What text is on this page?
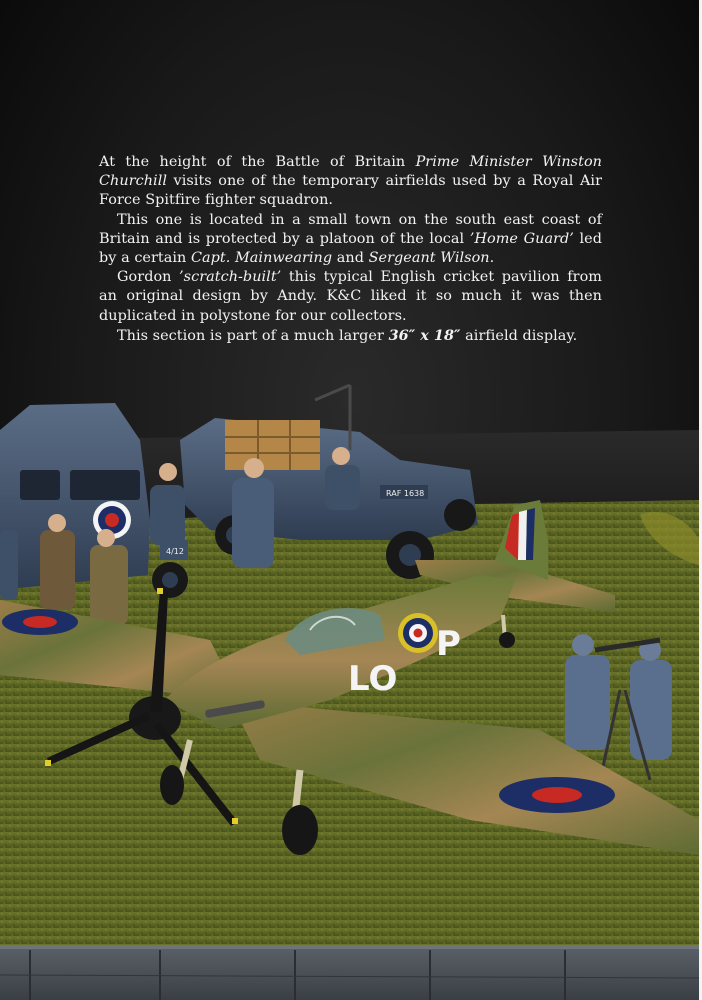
4/12
RAF 1638
LO
P

At the height of the Battle of Britain Prime Minister Winston Churchill visits one of the temporary airfields used by a Royal Air Force Spitfire fighter squadron.

This one is located in a small town on the south east coast of Britain and is protected by a platoon of the local ’Home Guard’ led by a certain Capt. Mainwearing and Sergeant Wilson.

Gordon ’scratch-built’ this typical English cricket pavilion from an original design by Andy. K&C liked it so much it was then duplicated in polystone for our collectors.

This section is part of a much larger 36″ x 18″ airfield display.
